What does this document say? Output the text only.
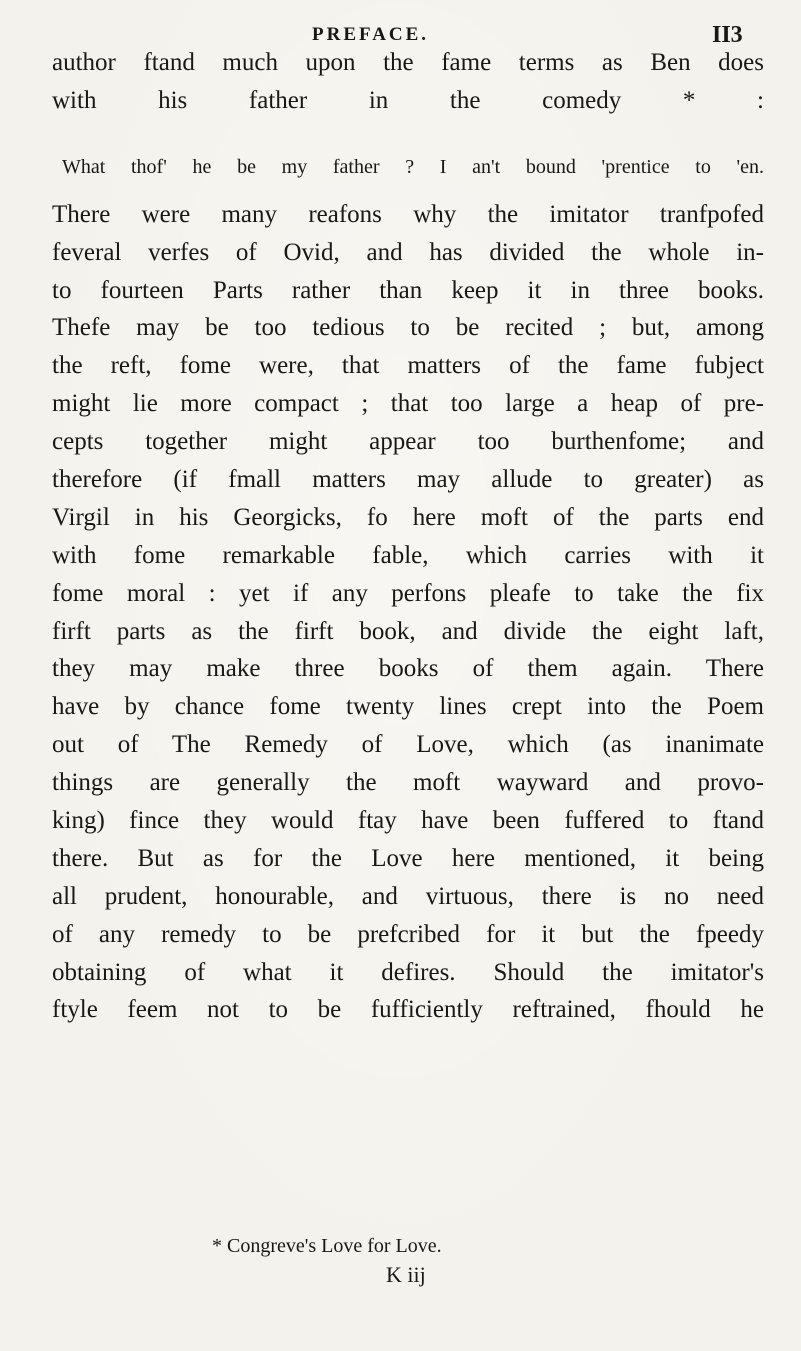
PREFACE.	II3
author ftand much upon the fame terms as Ben does
with his father in the comedy * :
What thof' he be my father ? I an't bound 'prentice to 'en.
There were many reafons why the imitator tranfpofed
feveral verfes of Ovid, and has divided the whole in-
to fourteen Parts rather than keep it in three books.
Thefe may be too tedious to be recited ; but, among
the reft, fome were, that matters of the fame fubject
might lie more compact ; that too large a heap of pre-
cepts together might appear too burthenfome; and
therefore (if fmall matters may allude to greater) as
Virgil in his Georgicks, fo here moft of the parts end
with fome remarkable fable, which carries with it
fome moral : yet if any perfons pleafe to take the fix
firft parts as the firft book, and divide the eight laft,
they may make three books of them again. There
have by chance fome twenty lines crept into the Poem
out of The Remedy of Love, which (as inanimate
things are generally the moft wayward and provo-
king) fince they would ftay have been fuffered to ftand
there. But as for the Love here mentioned, it being
all prudent, honourable, and virtuous, there is no need
of any remedy to be prefcribed for it but the fpeedy
obtaining of what it defires. Should the imitator's
ftyle feem not to be fufficiently reftrained, fhould he
* Congreve's Love for Love.
K iij
